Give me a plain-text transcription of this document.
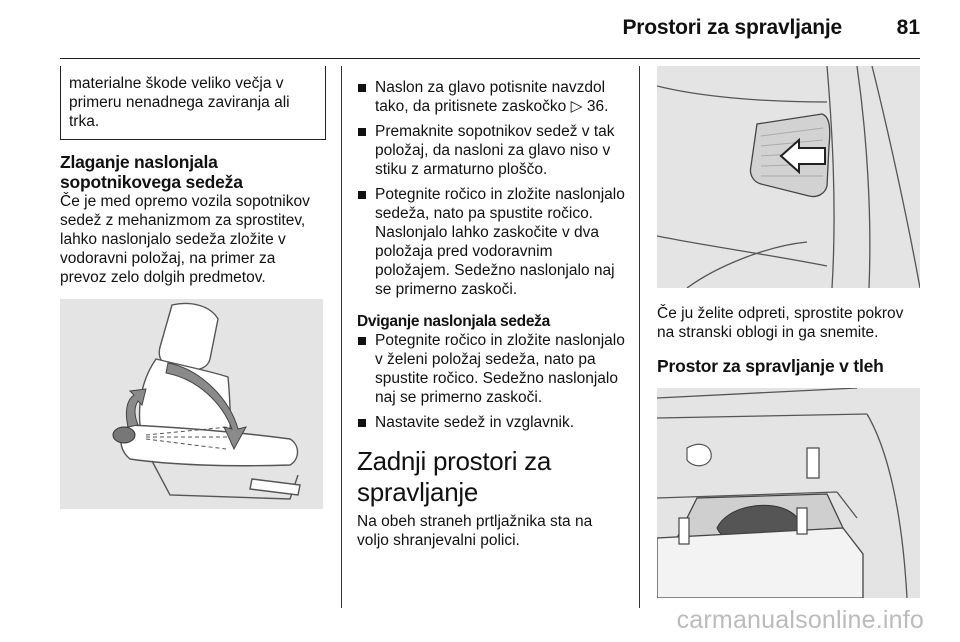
Prostori za spravljanje	81

materialne škode veliko večja v primeru nenadnega zaviranja ali trka.

Zlaganje naslonjala sopotnikovega sedeža

Če je med opremo vozila sopotnikov sedež z mehanizmom za sprostitev, lahko naslonjalo sedeža zložite v vodoravni položaj, na primer za prevoz zelo dolgih predmetov.

Naslon za glavo potisnite navzdol tako, da pritisnete zaskočko ▷ 36.
Premaknite sopotnikov sedež v tak položaj, da nasloni za glavo niso v stiku z armaturno ploščo.
Potegnite ročico in zložite naslonjalo sedeža, nato pa spustite ročico. Naslonjalo lahko zaskočite v dva položaja pred vodoravnim položajem. Sedežno naslonjalo naj se primerno zaskoči.
Dviganje naslonjala sedeža
Potegnite ročico in zložite naslonjalo v želeni položaj sedeža, nato pa spustite ročico. Sedežno naslonjalo naj se primerno zaskoči.
Nastavite sedež in vzglavnik.
Zadnji prostori za spravljanje

Na obeh straneh prtljažnika sta na voljo shranjevalni polici.

Če ju želite odpreti, sprostite pokrov na stranski oblogi in ga snemite.

Prostor za spravljanje v tleh
carmanualsonline.info
